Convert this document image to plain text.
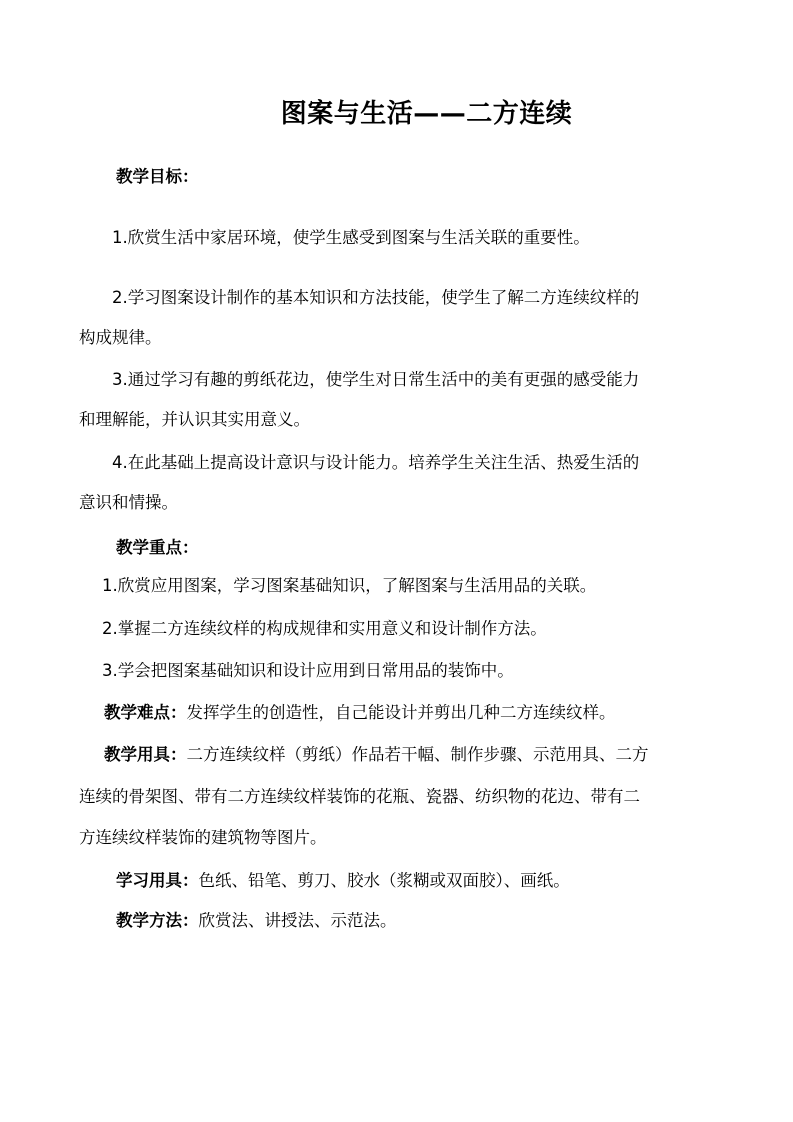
图案与生活——二方连续
教学目标：
1.欣赏生活中家居环境，使学生感受到图案与生活关联的重要性。
2.学习图案设计制作的基本知识和方法技能，使学生了解二方连续纹样的
构成规律。
3.通过学习有趣的剪纸花边，使学生对日常生活中的美有更强的感受能力
和理解能，并认识其实用意义。
4.在此基础上提高设计意识与设计能力。培养学生关注生活、热爱生活的
意识和情操。
教学重点：
1.欣赏应用图案，学习图案基础知识，了解图案与生活用品的关联。
2.掌握二方连续纹样的构成规律和实用意义和设计制作方法。
3.学会把图案基础知识和设计应用到日常用品的装饰中。
教学难点：发挥学生的创造性，自己能设计并剪出几种二方连续纹样。
教学用具：二方连续纹样（剪纸）作品若干幅、制作步骤、示范用具、二方
连续的骨架图、带有二方连续纹样装饰的花瓶、瓷器、纺织物的花边、带有二
方连续纹样装饰的建筑物等图片。
学习用具：色纸、铅笔、剪刀、胶水（浆糊或双面胶）、画纸。
教学方法：欣赏法、讲授法、示范法。
